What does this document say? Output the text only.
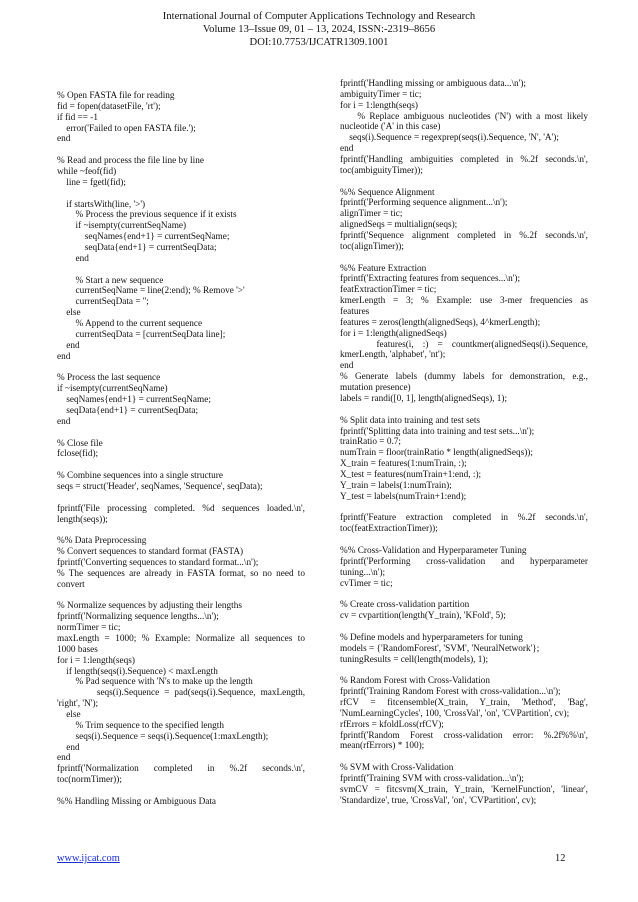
International Journal of Computer Applications Technology and Research
Volume 13–Issue 09, 01 – 13, 2024, ISSN:-2319–8656
DOI:10.7753/IJCATR1309.1001
% Open FASTA file for reading
fid = fopen(datasetFile, 'rt');
if fid == -1
error('Failed to open FASTA file.');
end
% Read and process the file line by line
while ~feof(fid)
line = fgetl(fid);
if startsWith(line, '>')
% Process the previous sequence if it exists
if ~isempty(currentSeqName)
seqNames{end+1} = currentSeqName;
seqData{end+1} = currentSeqData;
end
% Start a new sequence
currentSeqName = line(2:end); % Remove '>'
currentSeqData = '';
else
% Append to the current sequence
currentSeqData = [currentSeqData line];
end
end
% Process the last sequence
if ~isempty(currentSeqName)
seqNames{end+1} = currentSeqName;
seqData{end+1} = currentSeqData;
end
% Close file
fclose(fid);
% Combine sequences into a single structure
seqs = struct('Header', seqNames, 'Sequence', seqData);
fprintf('File processing completed. %d sequences loaded.\n',
length(seqs));
%% Data Preprocessing
% Convert sequences to standard format (FASTA)
fprintf('Converting sequences to standard format...\n');
% The sequences are already in FASTA format, so no need to
convert
% Normalize sequences by adjusting their lengths
fprintf('Normalizing sequence lengths...\n');
normTimer = tic;
maxLength = 1000; % Example: Normalize all sequences to
1000 bases
for i = 1:length(seqs)
if length(seqs(i).Sequence) < maxLength
% Pad sequence with 'N's to make up the length
seqs(i).Sequence = pad(seqs(i).Sequence, maxLength,
'right', 'N');
else
% Trim sequence to the specified length
seqs(i).Sequence = seqs(i).Sequence(1:maxLength);
end
end
fprintf('Normalization completed in %.2f seconds.\n',
toc(normTimer));
%% Handling Missing or Ambiguous Data
fprintf('Handling missing or ambiguous data...\n');
ambiguityTimer = tic;
for i = 1:length(seqs)
% Replace ambiguous nucleotides ('N') with a most likely
nucleotide ('A' in this case)
seqs(i).Sequence = regexprep(seqs(i).Sequence, 'N', 'A');
end
fprintf('Handling ambiguities completed in %.2f seconds.\n',
toc(ambiguityTimer));
%% Sequence Alignment
fprintf('Performing sequence alignment...\n');
alignTimer = tic;
alignedSeqs = multialign(seqs);
fprintf('Sequence alignment completed in %.2f seconds.\n',
toc(alignTimer));
%% Feature Extraction
fprintf('Extracting features from sequences...\n');
featExtractionTimer = tic;
kmerLength = 3; % Example: use 3-mer frequencies as
features
features = zeros(length(alignedSeqs), 4^kmerLength);
for i = 1:length(alignedSeqs)
features(i, :) = countkmer(alignedSeqs(i).Sequence,
kmerLength, 'alphabet', 'nt');
end
% Generate labels (dummy labels for demonstration, e.g.,
mutation presence)
labels = randi([0, 1], length(alignedSeqs), 1);
% Split data into training and test sets
fprintf('Splitting data into training and test sets...\n');
trainRatio = 0.7;
numTrain = floor(trainRatio * length(alignedSeqs));
X_train = features(1:numTrain, :);
X_test = features(numTrain+1:end, :);
Y_train = labels(1:numTrain);
Y_test = labels(numTrain+1:end);
fprintf('Feature extraction completed in %.2f seconds.\n',
toc(featExtractionTimer));
%% Cross-Validation and Hyperparameter Tuning
fprintf('Performing cross-validation and hyperparameter
tuning...\n');
cvTimer = tic;
% Create cross-validation partition
cv = cvpartition(length(Y_train), 'KFold', 5);
% Define models and hyperparameters for tuning
models = {'RandomForest', 'SVM', 'NeuralNetwork'};
tuningResults = cell(length(models), 1);
% Random Forest with Cross-Validation
fprintf('Training Random Forest with cross-validation...\n');
rfCV = fitcensemble(X_train, Y_train, 'Method', 'Bag',
'NumLearningCycles', 100, 'CrossVal', 'on', 'CVPartition', cv);
rfErrors = kfoldLoss(rfCV);
fprintf('Random Forest cross-validation error: %.2f%%\n',
mean(rfErrors) * 100);
% SVM with Cross-Validation
fprintf('Training SVM with cross-validation...\n');
svmCV = fitcsvm(X_train, Y_train, 'KernelFunction', 'linear',
'Standardize', true, 'CrossVal', 'on', 'CVPartition', cv);
www.ijcat.com	12
